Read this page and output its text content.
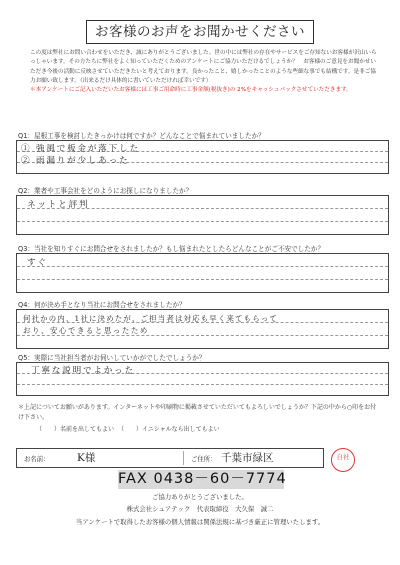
お客様のお声をお聞かせください
この度は弊社にお問い合わせをいただき、誠にありがとうございました。世の中には弊社の存在やサービスをご存知ないお客様が沢山いらっしゃいます。その方たちに弊社をよく知っていただくためのアンケートにご協力いただけるでしょうか？　お客様のご意見をお聞かせいただき今後の活動に反映させていただきたいと考えております。良かったこと、嬉しかったことのような些細な事でも結構です。是非ご協力お願い致します。（出来るだけ具体的に書いていただければ幸いです）
＊本アンケートにご記入いただいたお客様には工事ご用命時に工事金額(税抜き)の 2%をキャッシュバックさせていただきます。
Q1：屋根工事を検討したきっかけは何ですか？どんなことで悩まれていましたか？
① 強風で板金が落下した
② 雨漏りが少しあった
Q2：業者や工事会社をどのようにお探しになりましたか？
ネットと評判
Q3：当社を知りすぐにお問合せをされましたか？もし悩まれたとしたらどんなことがご不安でしたか？
すぐ
Q4：何が決め手となり当社にお問合せをされましたか？
何社かの内、1社に決めたが、ご担当者は対応も早く来てもらって
おり、安心できると思ったため
Q5：実際に当社担当者がお伺いしていかがでしたでしょうか？
丁寧な説明でよかった
＊上記についてお願いがあります。インターネットや印刷物に掲載させていただいてもよろしいでしょうか？下記の中から○印をお付け下さい。
（　　）名前を出してもよい （　　）イニシャルなら出してもよい
お名前：	K様	ご住所： 千葉市緑区	自社
FAX 0438－60－7774
ご協力ありがとうございました。
株式会社シュアテック　代表取締役　大久保　誠二
当アンケートで取得したお客様の個人情報は関係法規に基づき厳正に管理いたします。
